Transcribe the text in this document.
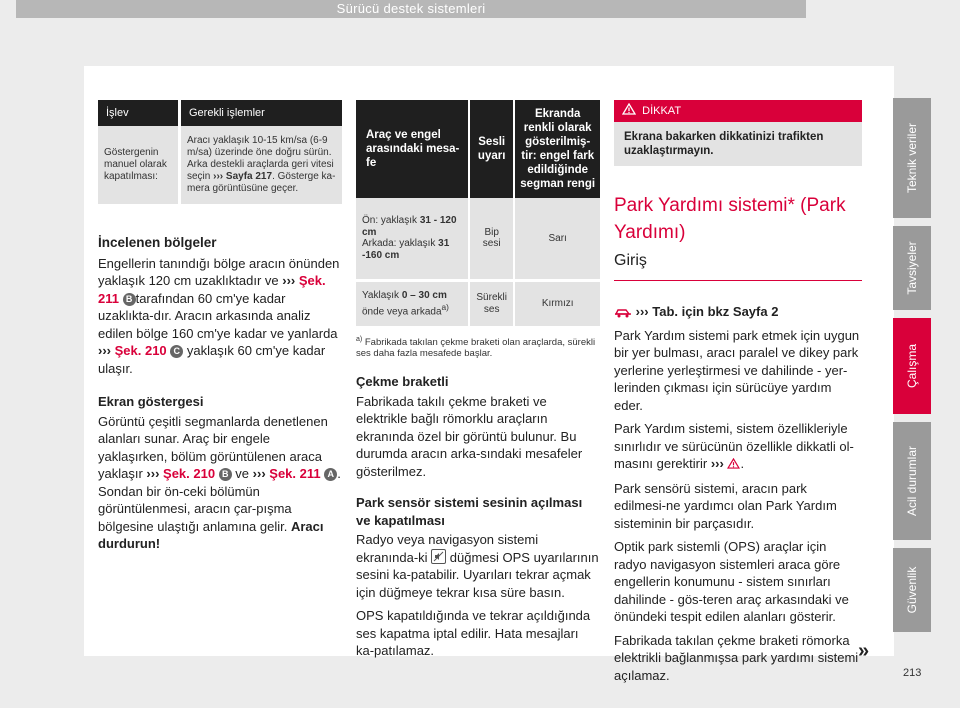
Sürücü destek sistemleri
Teknik veriler
Tavsiyeler
Çalışma
Acil durumlar
Güvenlik
213
»
İşlev	Gerekli işlemler
Göstergenin manuel olarak kapatılması:	Aracı yaklaşık 10-15 km/sa (6-9 m/sa) üzerinde öne doğru sürün. Arka destekli araçlarda geri vitesi seçin ››› Sayfa 217. Gösterge ka-mera görüntüsüne geçer.

İncelenen bölgeler

Engellerin tanındığı bölge aracın önünden yaklaşık 120 cm uzaklıktadır ve ››› Şek. 211 B tarafından 60 cm'ye kadar uzaklıkta-dır. Aracın arkasında analiz edilen bölge 160 cm'ye kadar ve yanlarda ››› Şek. 210 C yaklaşık 60 cm'ye kadar ulaşır.

Ekran göstergesi

Görüntü çeşitli segmanlarda denetlenen alanları sunar. Araç bir engele yaklaşırken, bölüm görüntülenen araca yaklaşır ››› Şek. 210 B ve ››› Şek. 211 A . Sondan bir ön-ceki bölümün görüntülenmesi, aracın çar-pışma bölgesine ulaştığı anlamına gelir. Aracı durdurun!

Araç ve engel arasındaki mesa-fe	Sesli uyarı	Ekranda renkli olarak gösterilmiş-tir: engel fark edildiğinde segman rengi
Ön: yaklaşık 31 - 120 cm
Arkada: yaklaşık 31 -160 cm	Bip sesi	Sarı
Yaklaşık 0 – 30 cm
önde veya arkada$^{a)}$	Sürekli ses	Kırmızı

$^{a)}$ Fabrikada takılan çekme braketi olan araçlarda, sürekli ses daha fazla mesafede başlar.

Çekme braketli

Fabrikada takılı çekme braketi ve elektrikle bağlı römorklu araçların ekranında özel bir görüntü bulunur. Bu durumda aracın arka-sındaki mesafeler gösterilmez.

Park sensör sistemi sesinin açılması ve kapatılması

Radyo veya navigasyon sistemi ekranında-ki
düğmesi OPS uyarılarının sesini ka-patabilir. Uyarıları tekrar açmak için düğmeye tekrar kısa süre basın.

OPS kapatıldığında ve tekrar açıldığında ses kapatma iptal edilir. Hata mesajları ka-patılamaz.

DİKKAT
Ekrana bakarken dikkatinizi trafikten uzaklaştırmayın.
Park Yardımı sistemi* (Park Yardımı)
Giriş

››› Tab. için bkz Sayfa 2

Park Yardım sistemi park etmek için uygun bir yer bulması, aracı paralel ve dikey park yerlerine yerleştirmesi ve dahilinde - yer-lerinden çıkması için sürücüye yardım eder.

Park Yardım sistemi, sistem özellikleriyle sınırlıdır ve sürücünün özellikle dikkatli ol-masını gerektirir ››› .

Park sensörü sistemi, aracın park edilmesi-ne yardımcı olan Park Yardım sisteminin bir parçasıdır.

Optik park sistemli (OPS) araçlar için radyo navigasyon sistemleri araca göre engellerin konumunu - sistem sınırları dahilinde - gös-teren araç arkasındaki ve önündeki tespit edilen alanları gösterir.

Fabrikada takılan çekme braketi römorka elektrikli bağlanmışsa park yardımı sistemi açılamaz.
